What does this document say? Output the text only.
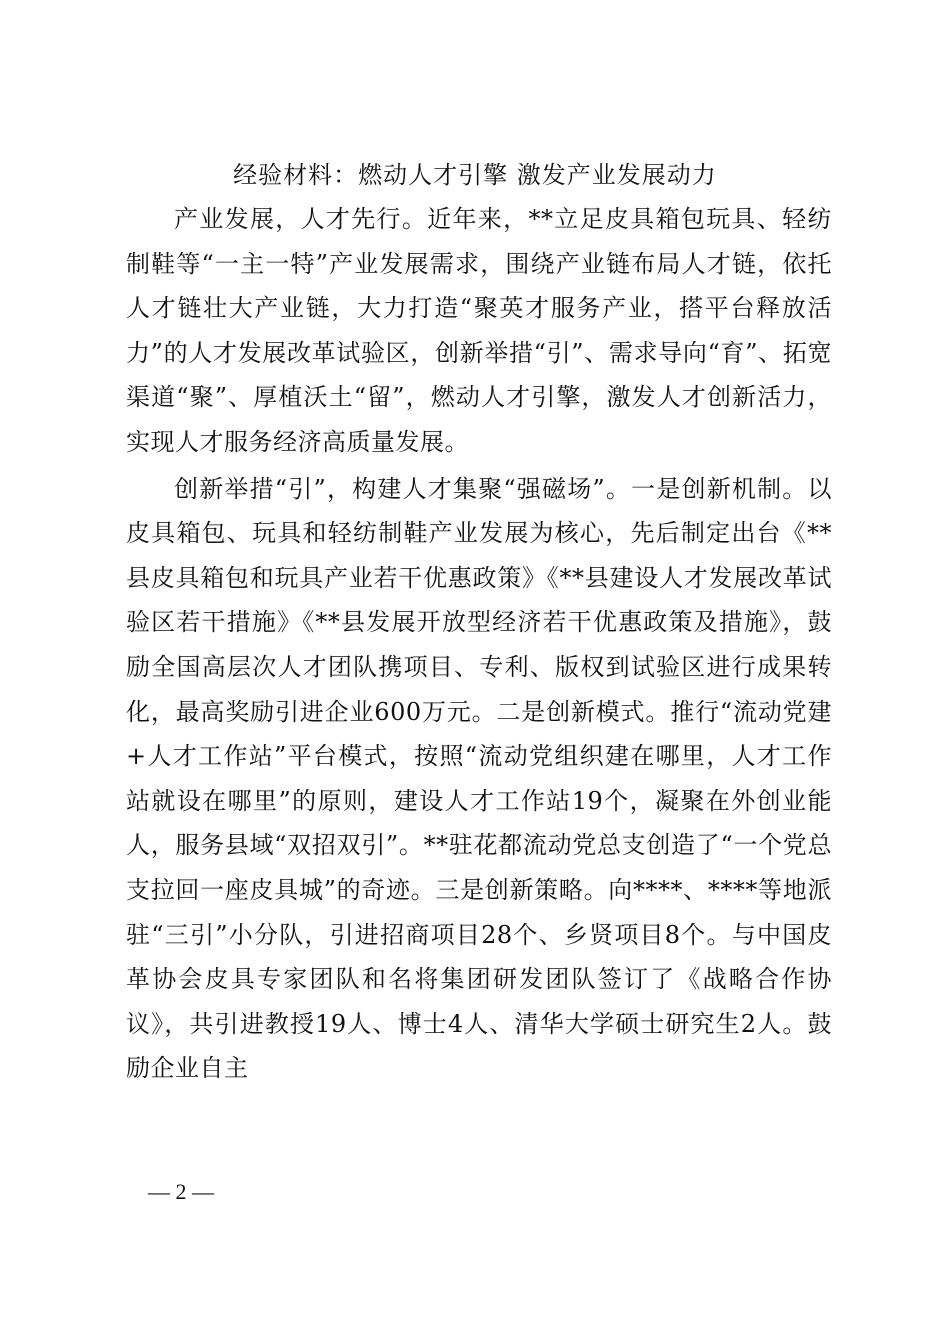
经验材料：燃动人才引擎 激发产业发展动力

产业发展，人才先行。近年来，**立足皮具箱包玩具、轻纺制鞋等“一主一特”产业发展需求，围绕产业链布局人才链，依托人才链壮大产业链，大力打造“聚英才服务产业，搭平台释放活力”的人才发展改革试验区，创新举措“引”、需求导向“育”、拓宽渠道“聚”、厚植沃土“留”，燃动人才引擎，激发人才创新活力，实现人才服务经济高质量发展。

创新举措“引”，构建人才集聚“强磁场”。一是创新机制。以皮具箱包、玩具和轻纺制鞋产业发展为核心，先后制定出台《**县皮具箱包和玩具产业若干优惠政策》《**县建设人才发展改革试验区若干措施》《**县发展开放型经济若干优惠政策及措施》，鼓励全国高层次人才团队携项目、专利、版权到试验区进行成果转化，最高奖励引进企业600万元。二是创新模式。推行“流动党建+人才工作站”平台模式，按照“流动党组织建在哪里，人才工作站就设在哪里”的原则，建设人才工作站19个，凝聚在外创业能人，服务县域“双招双引”。**驻花都流动党总支创造了“一个党总支拉回一座皮具城”的奇迹。三是创新策略。向****、****等地派驻“三引”小分队，引进招商项目28个、乡贤项目8个。与中国皮革协会皮具专家团队和名将集团研发团队签订了《战略合作协议》，共引进教授19人、博士4人、清华大学硕士研究生2人。鼓励企业自主

— 2 —
